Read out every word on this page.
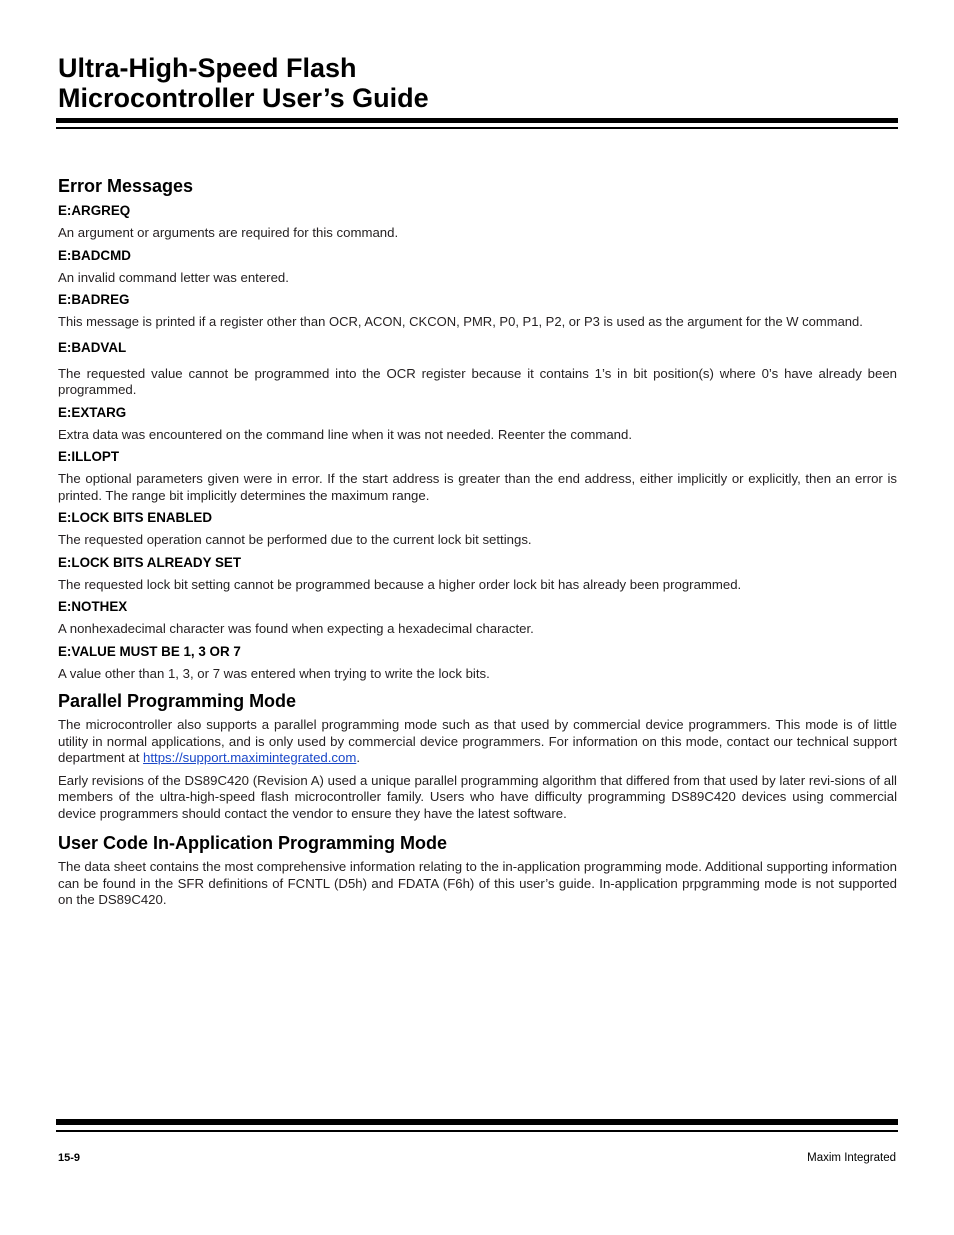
Ultra-High-Speed Flash
Microcontroller User’s Guide
Error Messages
E:ARGREQ

An argument or arguments are required for this command.

E:BADCMD

An invalid command letter was entered.

E:BADREG

This message is printed if a register other than OCR, ACON, CKCON, PMR, P0, P1, P2, or P3 is used as the argument for the W command.

E:BADVAL

The requested value cannot be programmed into the OCR register because it contains 1’s in bit position(s) where 0’s have already been programmed.

E:EXTARG

Extra data was encountered on the command line when it was not needed. Reenter the command.

E:ILLOPT

The optional parameters given were in error. If the start address is greater than the end address, either implicitly or explicitly, then an error is printed. The range bit implicitly determines the maximum range.

E:LOCK BITS ENABLED

The requested operation cannot be performed due to the current lock bit settings.

E:LOCK BITS ALREADY SET

The requested lock bit setting cannot be programmed because a higher order lock bit has already been programmed.

E:NOTHEX

A nonhexadecimal character was found when expecting a hexadecimal character.

E:VALUE MUST BE 1, 3 OR 7

A value other than 1, 3, or 7 was entered when trying to write the lock bits.

Parallel Programming Mode

The microcontroller also supports a parallel programming mode such as that used by commercial device programmers. This mode is of little utility in normal applications, and is only used by commercial device programmers. For information on this mode, contact our technical support department at https://support.maximintegrated.com.

Early revisions of the DS89C420 (Revision A) used a unique parallel programming algorithm that differed from that used by later revi-sions of all members of the ultra-high-speed flash microcontroller family. Users who have difficulty programming DS89C420 devices using commercial device programmers should contact the vendor to ensure they have the latest software.

User Code In-Application Programming Mode

The data sheet contains the most comprehensive information relating to the in-application programming mode. Additional supporting information can be found in the SFR definitions of FCNTL (D5h) and FDATA (F6h) of this user’s guide. In-application prpgramming mode is not supported on the DS89C420.

15-9	Maxim Integrated
